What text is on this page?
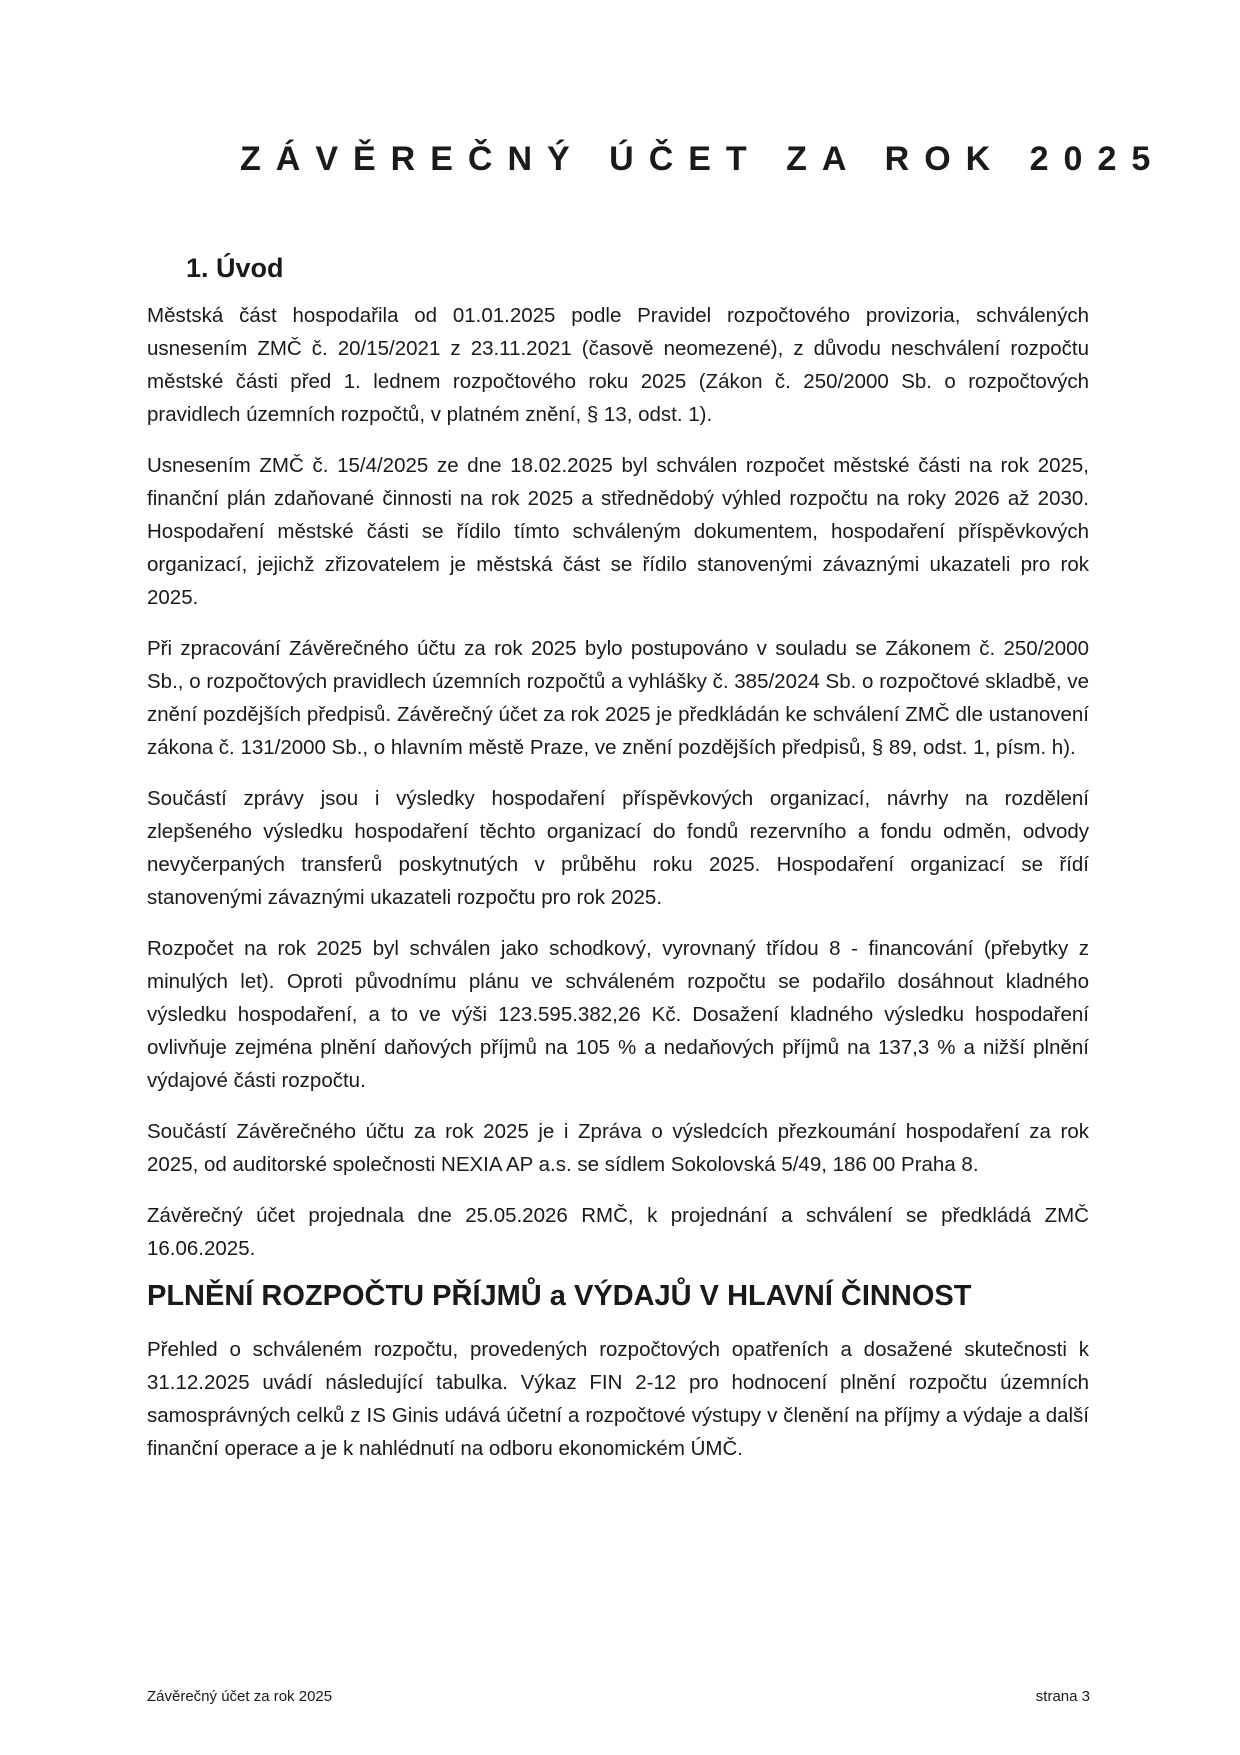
ZÁVĚREČNÝ ÚČET ZA ROK 2025
1. Úvod

Městská část hospodařila od 01.01.2025 podle Pravidel rozpočtového provizoria, schválených usnesením ZMČ č. 20/15/2021 z 23.11.2021 (časově neomezené), z důvodu neschválení rozpočtu městské části před 1. lednem rozpočtového roku 2025 (Zákon č. 250/2000 Sb. o rozpočtových pravidlech územních rozpočtů, v platném znění, § 13, odst. 1).

Usnesením ZMČ č. 15/4/2025 ze dne 18.02.2025 byl schválen rozpočet městské části na rok 2025, finanční plán zdaňované činnosti na rok 2025 a střednědobý výhled rozpočtu na roky 2026 až 2030. Hospodaření městské části se řídilo tímto schváleným dokumentem, hospodaření příspěvkových organizací, jejichž zřizovatelem je městská část se řídilo stanovenými závaznými ukazateli pro rok 2025.

Při zpracování Závěrečného účtu za rok 2025 bylo postupováno v souladu se Zákonem č. 250/2000 Sb., o rozpočtových pravidlech územních rozpočtů a vyhlášky č. 385/2024 Sb. o rozpočtové skladbě, ve znění pozdějších předpisů. Závěrečný účet za rok 2025 je předkládán ke schválení ZMČ dle ustanovení zákona č. 131/2000 Sb., o hlavním městě Praze, ve znění pozdějších předpisů, § 89, odst. 1, písm. h).

Součástí zprávy jsou i výsledky hospodaření příspěvkových organizací, návrhy na rozdělení zlepšeného výsledku hospodaření těchto organizací do fondů rezervního a fondu odměn, odvody nevyčerpaných transferů poskytnutých v průběhu roku 2025. Hospodaření organizací se řídí stanovenými závaznými ukazateli rozpočtu pro rok 2025.

Rozpočet na rok 2025 byl schválen jako schodkový, vyrovnaný třídou 8 - financování (přebytky z minulých let). Oproti původnímu plánu ve schváleném rozpočtu se podařilo dosáhnout kladného výsledku hospodaření, a to ve výši 123.595.382,26 Kč. Dosažení kladného výsledku hospodaření ovlivňuje zejména plnění daňových příjmů na 105 % a nedaňových příjmů na 137,3 % a nižší plnění výdajové části rozpočtu.

Součástí Závěrečného účtu za rok 2025 je i Zpráva o výsledcích přezkoumání hospodaření za rok 2025, od auditorské společnosti NEXIA AP a.s. se sídlem Sokolovská 5/49, 186 00 Praha 8.

Závěrečný účet projednala dne 25.05.2026 RMČ, k projednání a schválení se předkládá ZMČ 16.06.2025.

PLNĚNÍ ROZPOČTU PŘÍJMŮ a VÝDAJŮ V HLAVNÍ ČINNOST

Přehled o schváleném rozpočtu, provedených rozpočtových opatřeních a dosažené skutečnosti k 31.12.2025 uvádí následující tabulka. Výkaz FIN 2-12 pro hodnocení plnění rozpočtu územních samosprávných celků z IS Ginis udává účetní a rozpočtové výstupy v členění na příjmy a výdaje a další finanční operace a je k nahlédnutí na odboru ekonomickém ÚMČ.

Závěrečný účet za rok 2025	strana 3
